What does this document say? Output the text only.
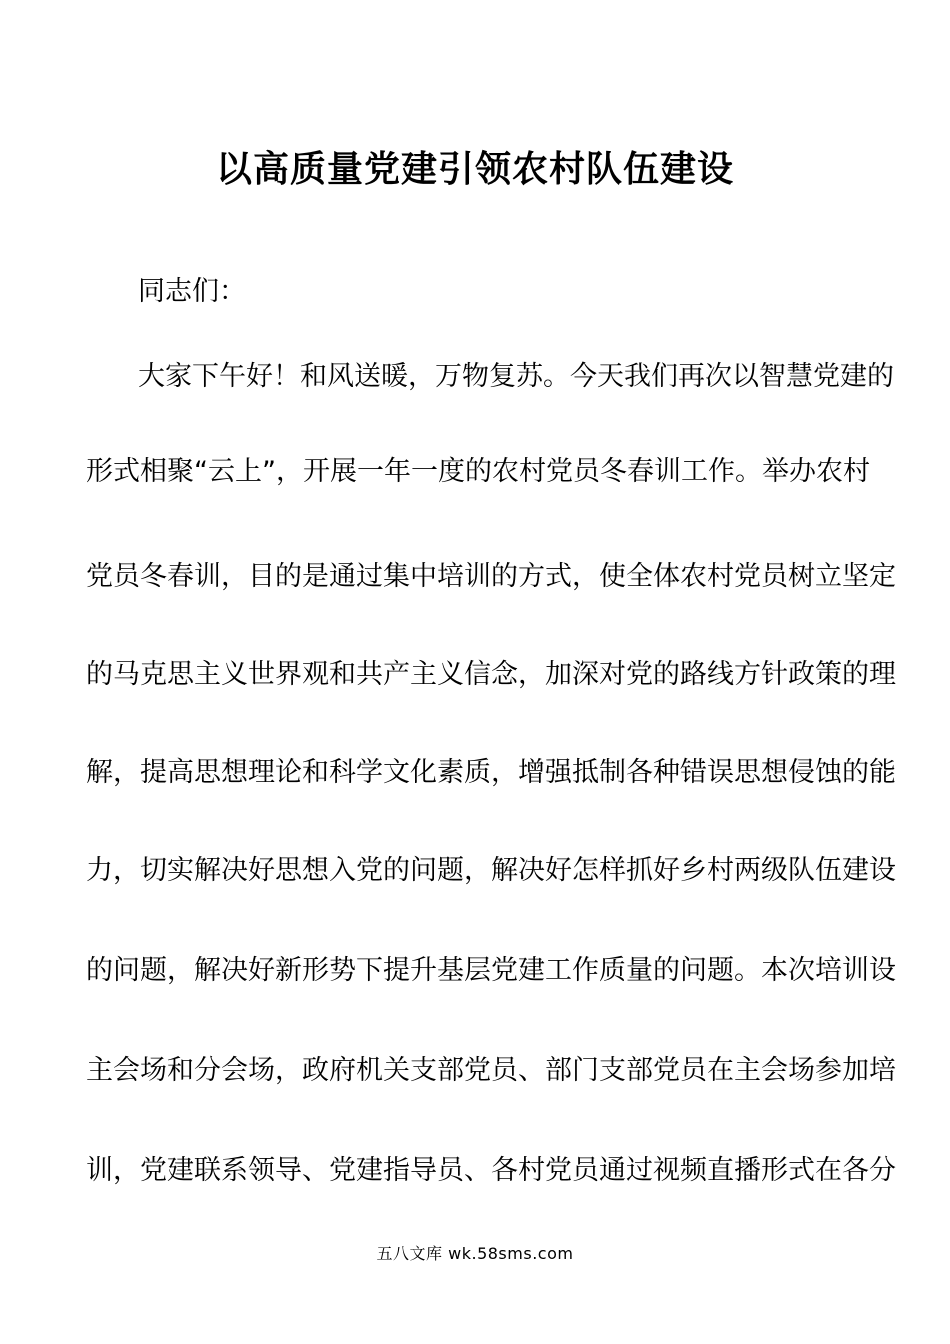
以高质量党建引领农村队伍建设
同志们：
大家下午好！和风送暖，万物复苏。今天我们再次以智慧党建的
形式相聚“云上”，开展一年一度的农村党员冬春训工作。举办农村
党员冬春训，目的是通过集中培训的方式，使全体农村党员树立坚定
的马克思主义世界观和共产主义信念，加深对党的路线方针政策的理
解，提高思想理论和科学文化素质，增强抵制各种错误思想侵蚀的能
力，切实解决好思想入党的问题，解决好怎样抓好乡村两级队伍建设
的问题，解决好新形势下提升基层党建工作质量的问题。本次培训设
主会场和分会场，政府机关支部党员、部门支部党员在主会场参加培
训，党建联系领导、党建指导员、各村党员通过视频直播形式在各分
五八文库 wk.58sms.com
